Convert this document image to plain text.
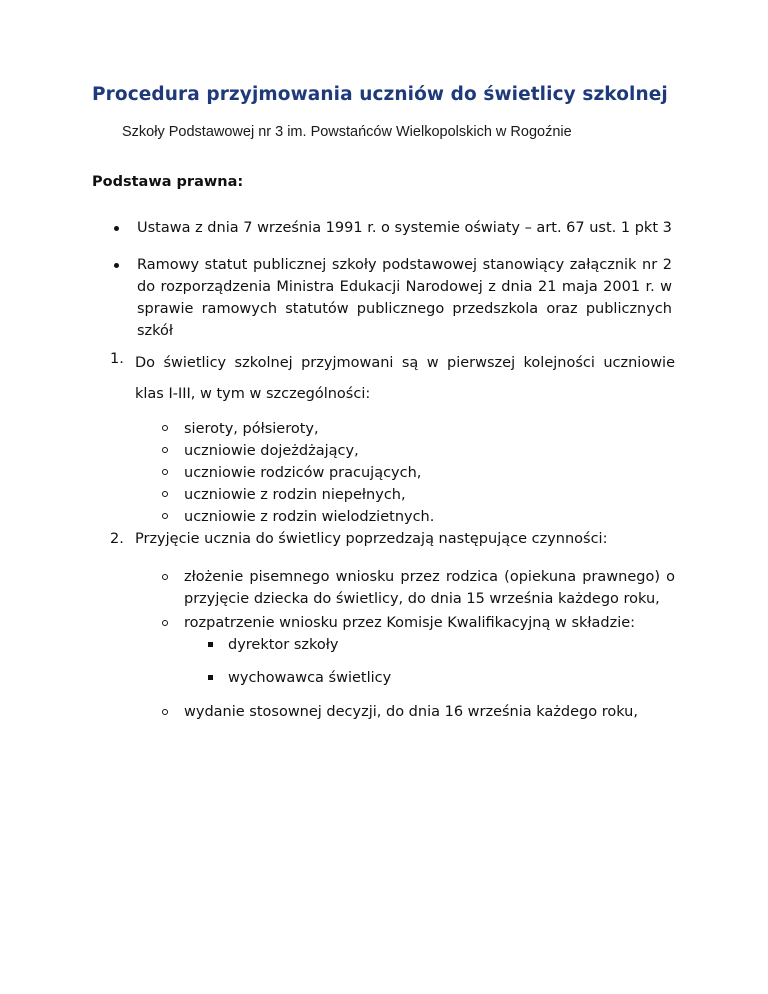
Procedura przyjmowania uczniów do świetlicy szkolnej
Szkoły Podstawowej nr 3 im. Powstańców Wielkopolskich w Rogoźnie
Podstawa prawna:

Ustawa z dnia 7 września 1991 r. o systemie oświaty – art. 67 ust. 1 pkt 3

Ramowy statut publicznej szkoły podstawowej stanowiący załącznik nr 2 do rozporządzenia Ministra Edukacji Narodowej z dnia 21 maja 2001 r. w sprawie ramowych statutów publicznego przedszkola oraz publicznych szkół

1. Do świetlicy szkolnej przyjmowani są w pierwszej kolejności uczniowie klas I-III, w tym w szczególności:

sieroty, półsieroty,

uczniowie dojeżdżający,

uczniowie rodziców pracujących,

uczniowie z rodzin niepełnych,

uczniowie z rodzin wielodzietnych.

2. Przyjęcie ucznia do świetlicy poprzedzają następujące czynności:

złożenie pisemnego wniosku przez rodzica (opiekuna prawnego) o przyjęcie dziecka do świetlicy, do dnia 15 września każdego roku,

rozpatrzenie wniosku przez Komisje Kwalifikacyjną w składzie:

dyrektor szkoły

wychowawca świetlicy

wydanie stosownej decyzji, do dnia 16 września każdego roku,
